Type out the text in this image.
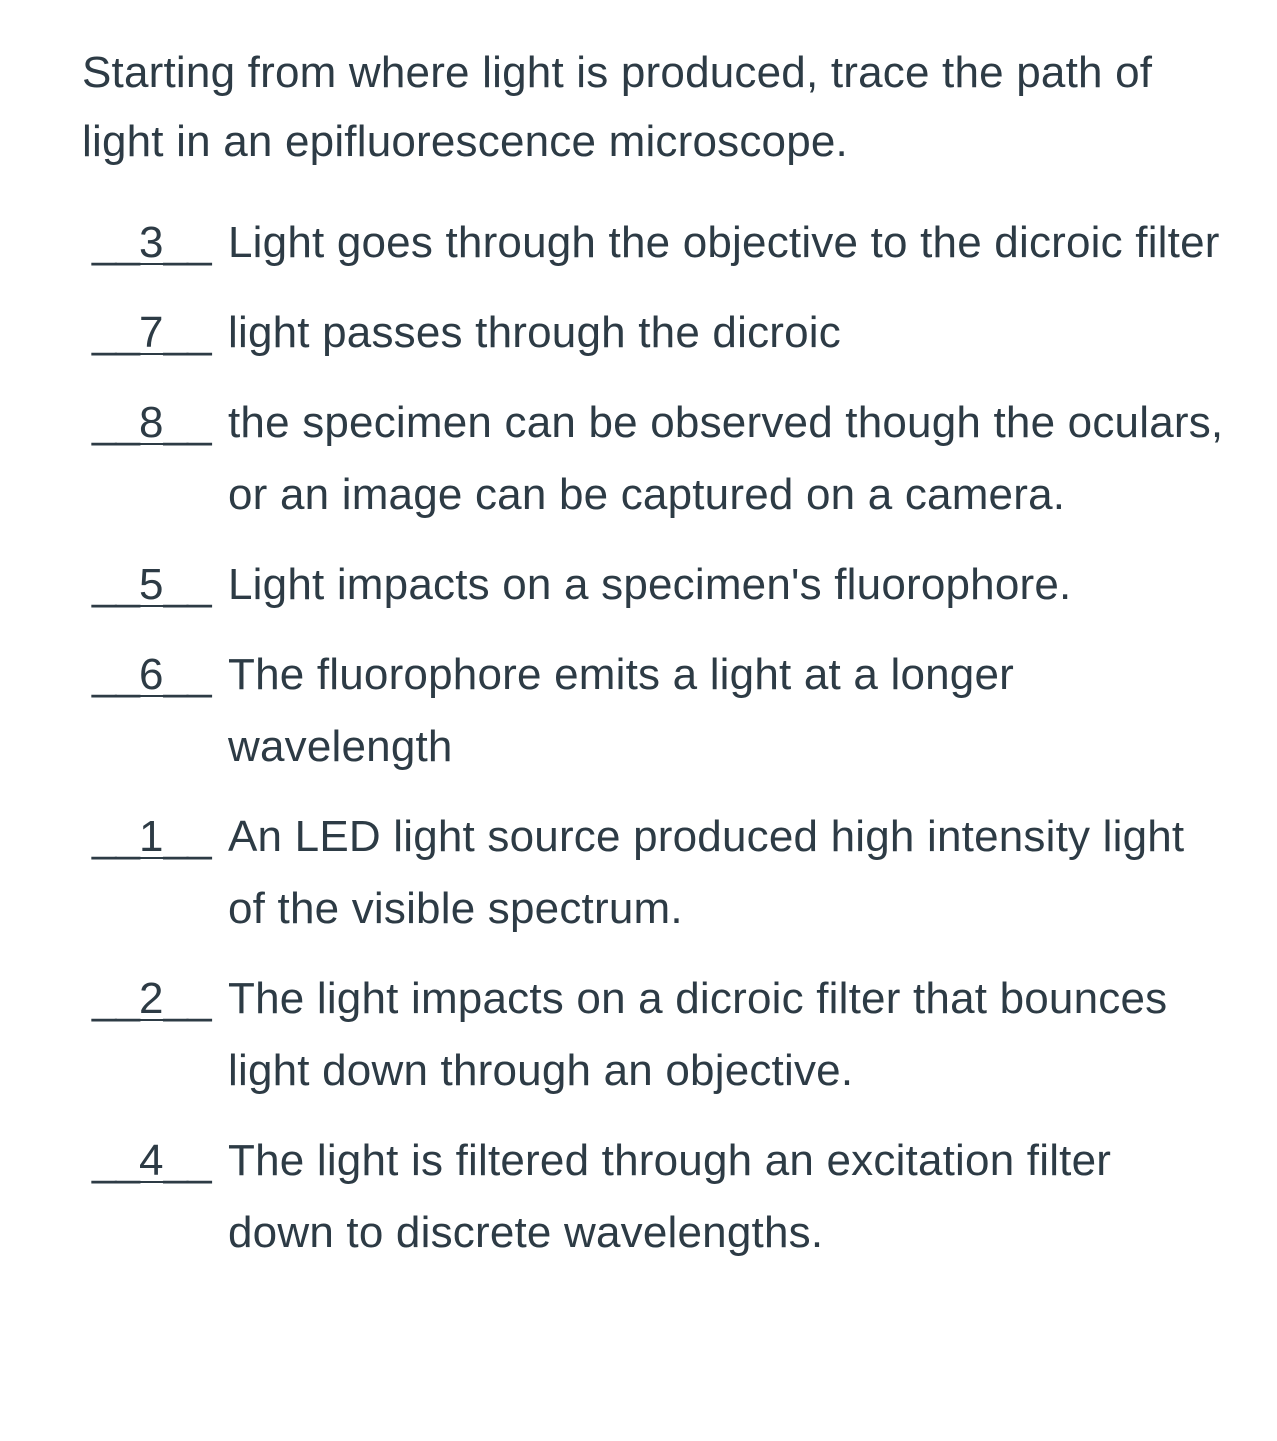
Starting from where light is produced, trace the path of light in an epifluorescence microscope.

__3__ Light goes through the objective to the dicroic filter
__7__ light passes through the dicroic
__8__ the specimen can be observed though the oculars, or an image can be captured on a camera.
__5__ Light impacts on a specimen's fluorophore.
__6__ The fluorophore emits a light at a longer wavelength
__1__ An LED light source produced high intensity light of the visible spectrum.
__2__ The light impacts on a dicroic filter that bounces light down through an objective.
__4__ The light is filtered through an excitation filter down to discrete wavelengths.
